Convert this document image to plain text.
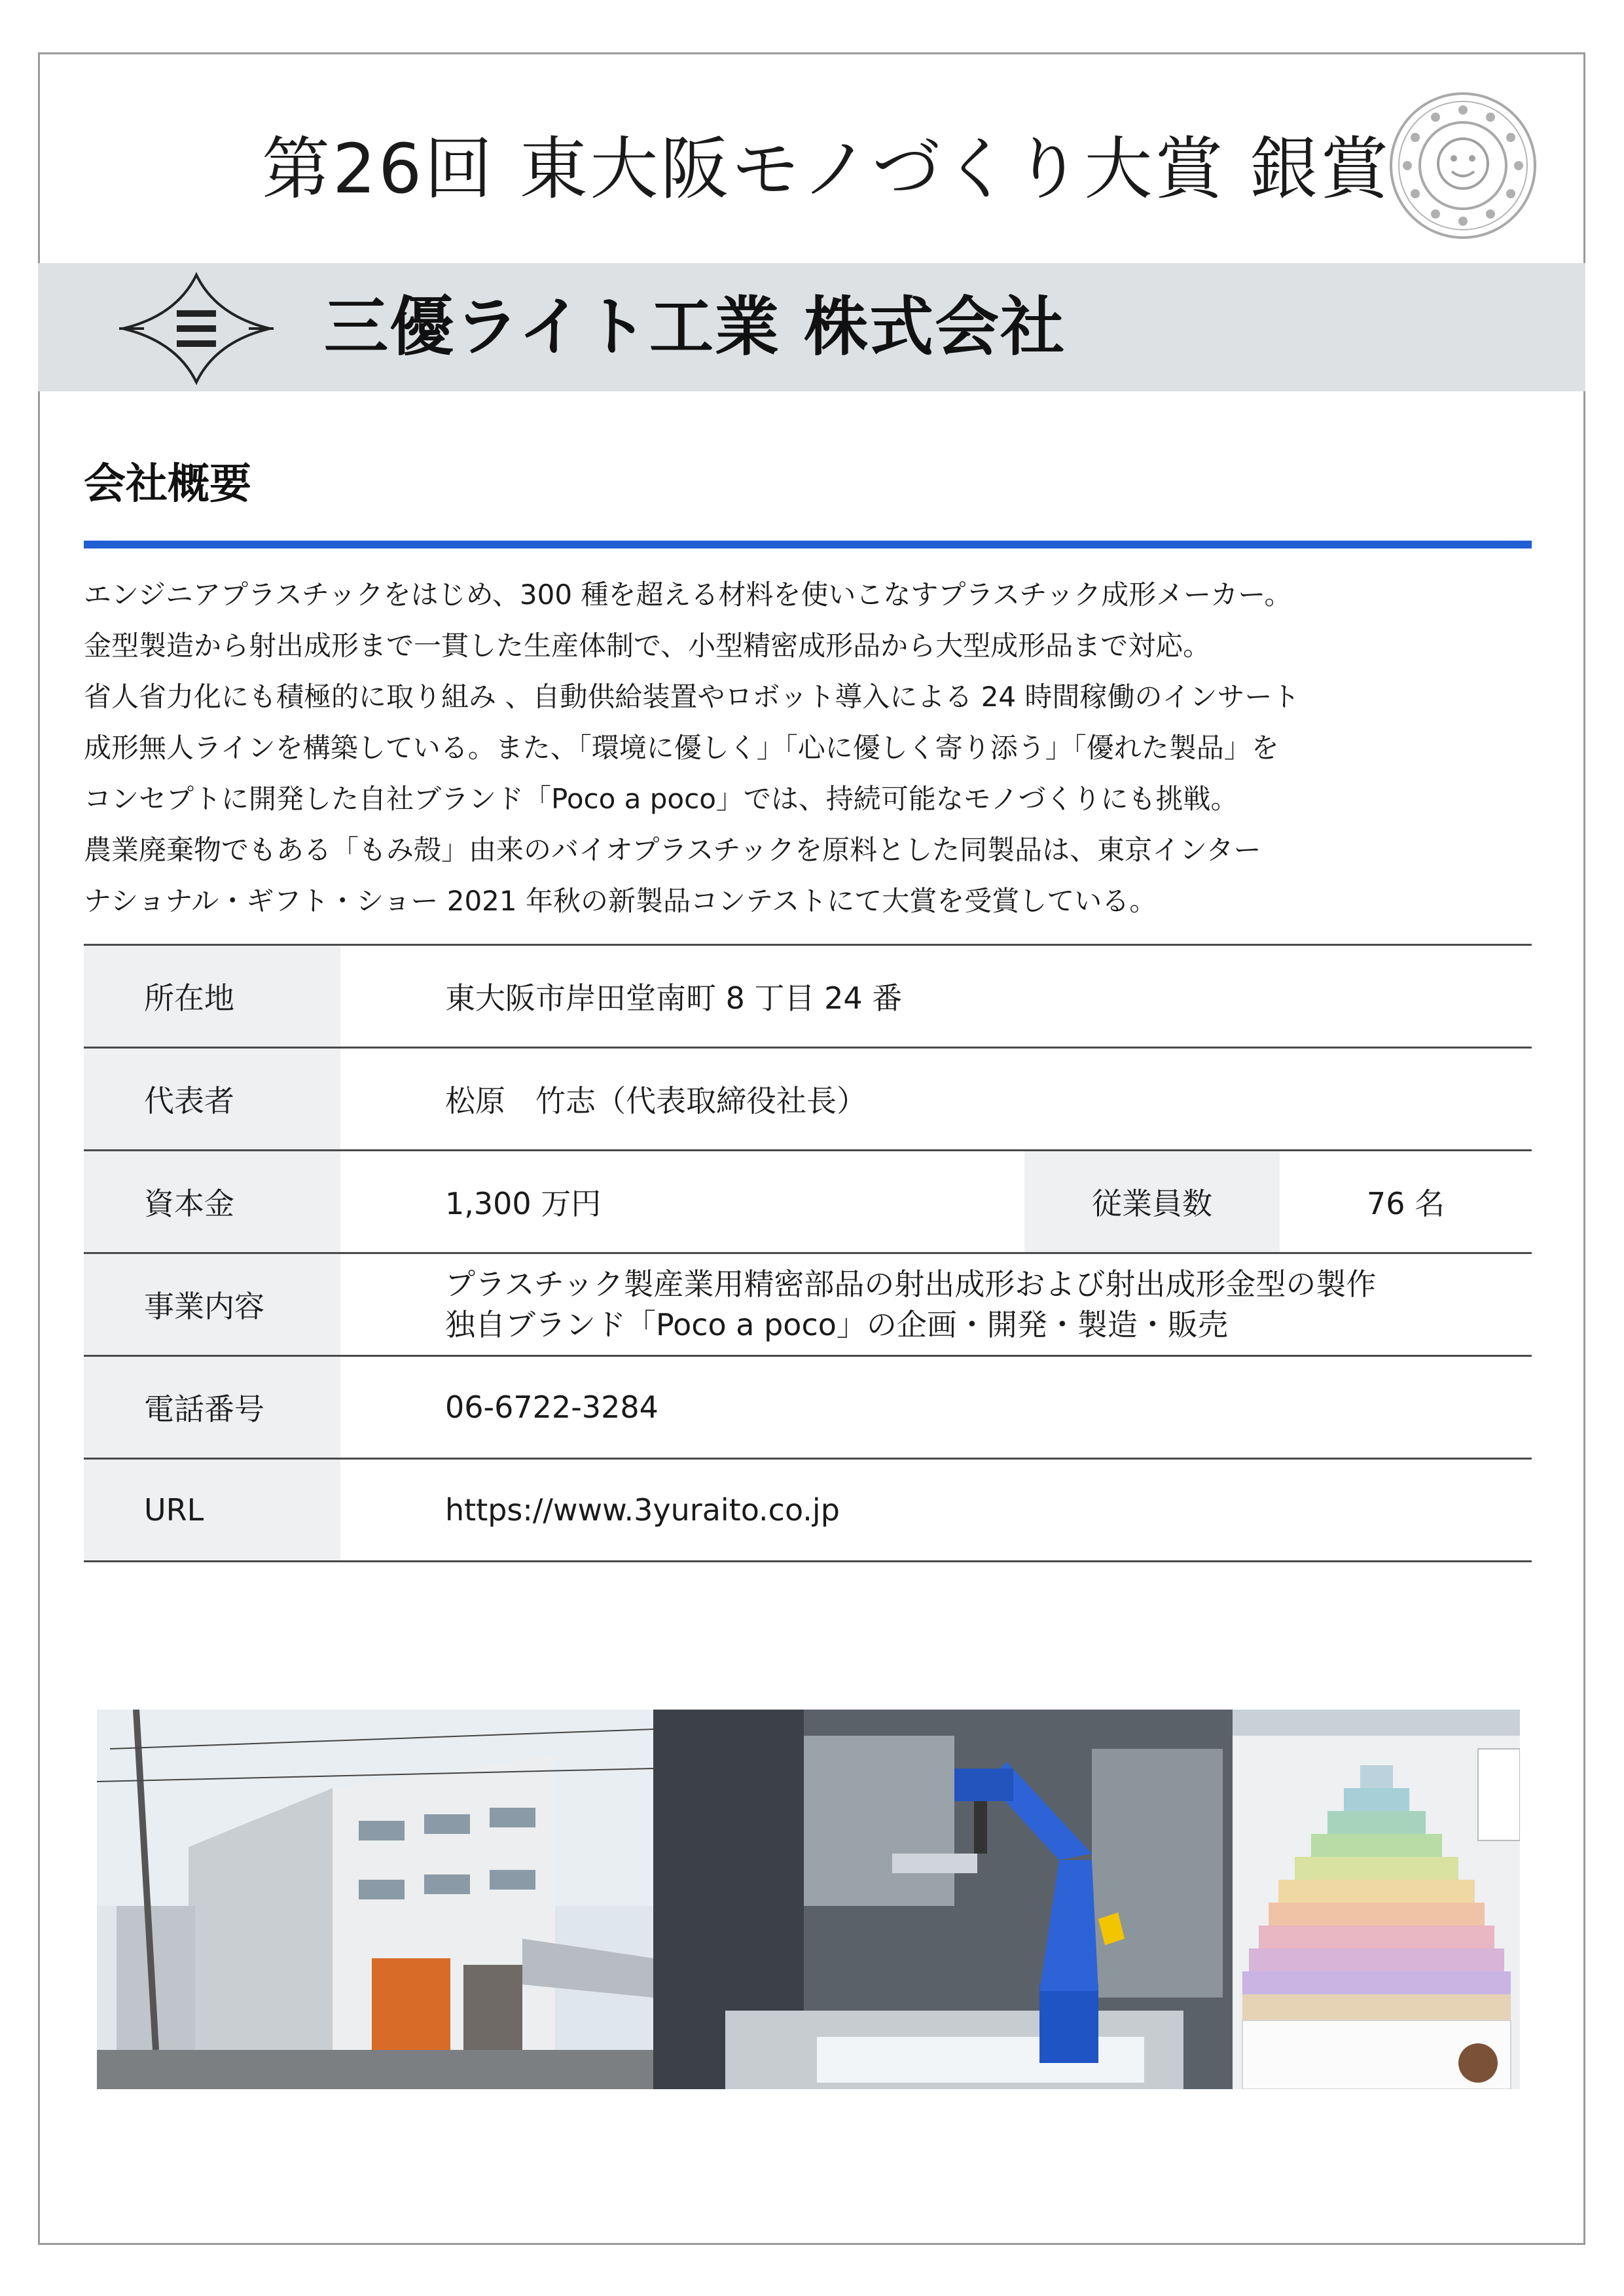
第26回 東大阪モノづくり大賞 銀賞
三優ライト工業 株式会社
会社概要
エンジニアプラスチックをはじめ、300 種を超える材料を使いこなすプラスチック成形メーカー。
金型製造から射出成形まで一貫した生産体制で、小型精密成形品から大型成形品まで対応。
省人省力化にも積極的に取り組み 、自動供給装置やロボット導入による 24 時間稼働のインサート
成形無人ラインを構築している。また、「環境に優しく」「心に優しく寄り添う」「優れた製品」を
コンセプトに開発した自社ブランド「Poco a poco」では、持続可能なモノづくりにも挑戦。
農業廃棄物でもある「もみ殻」由来のバイオプラスチックを原料とした同製品は、東京インター
ナショナル・ギフト・ショー 2021 年秋の新製品コンテストにて大賞を受賞している。
所在地	東大阪市岸田堂南町 8 丁目 24 番		
代表者	松原　竹志（代表取締役社長）		
資本金	1,300 万円	従業員数	76 名
事業内容	プラスチック製産業用精密部品の射出成形および射出成形金型の製作
独自ブランド「Poco a poco」の企画・開発・製造・販売		

電話番号	06-6722-3284		
URL	https://www.3yuraito.co.jp		
